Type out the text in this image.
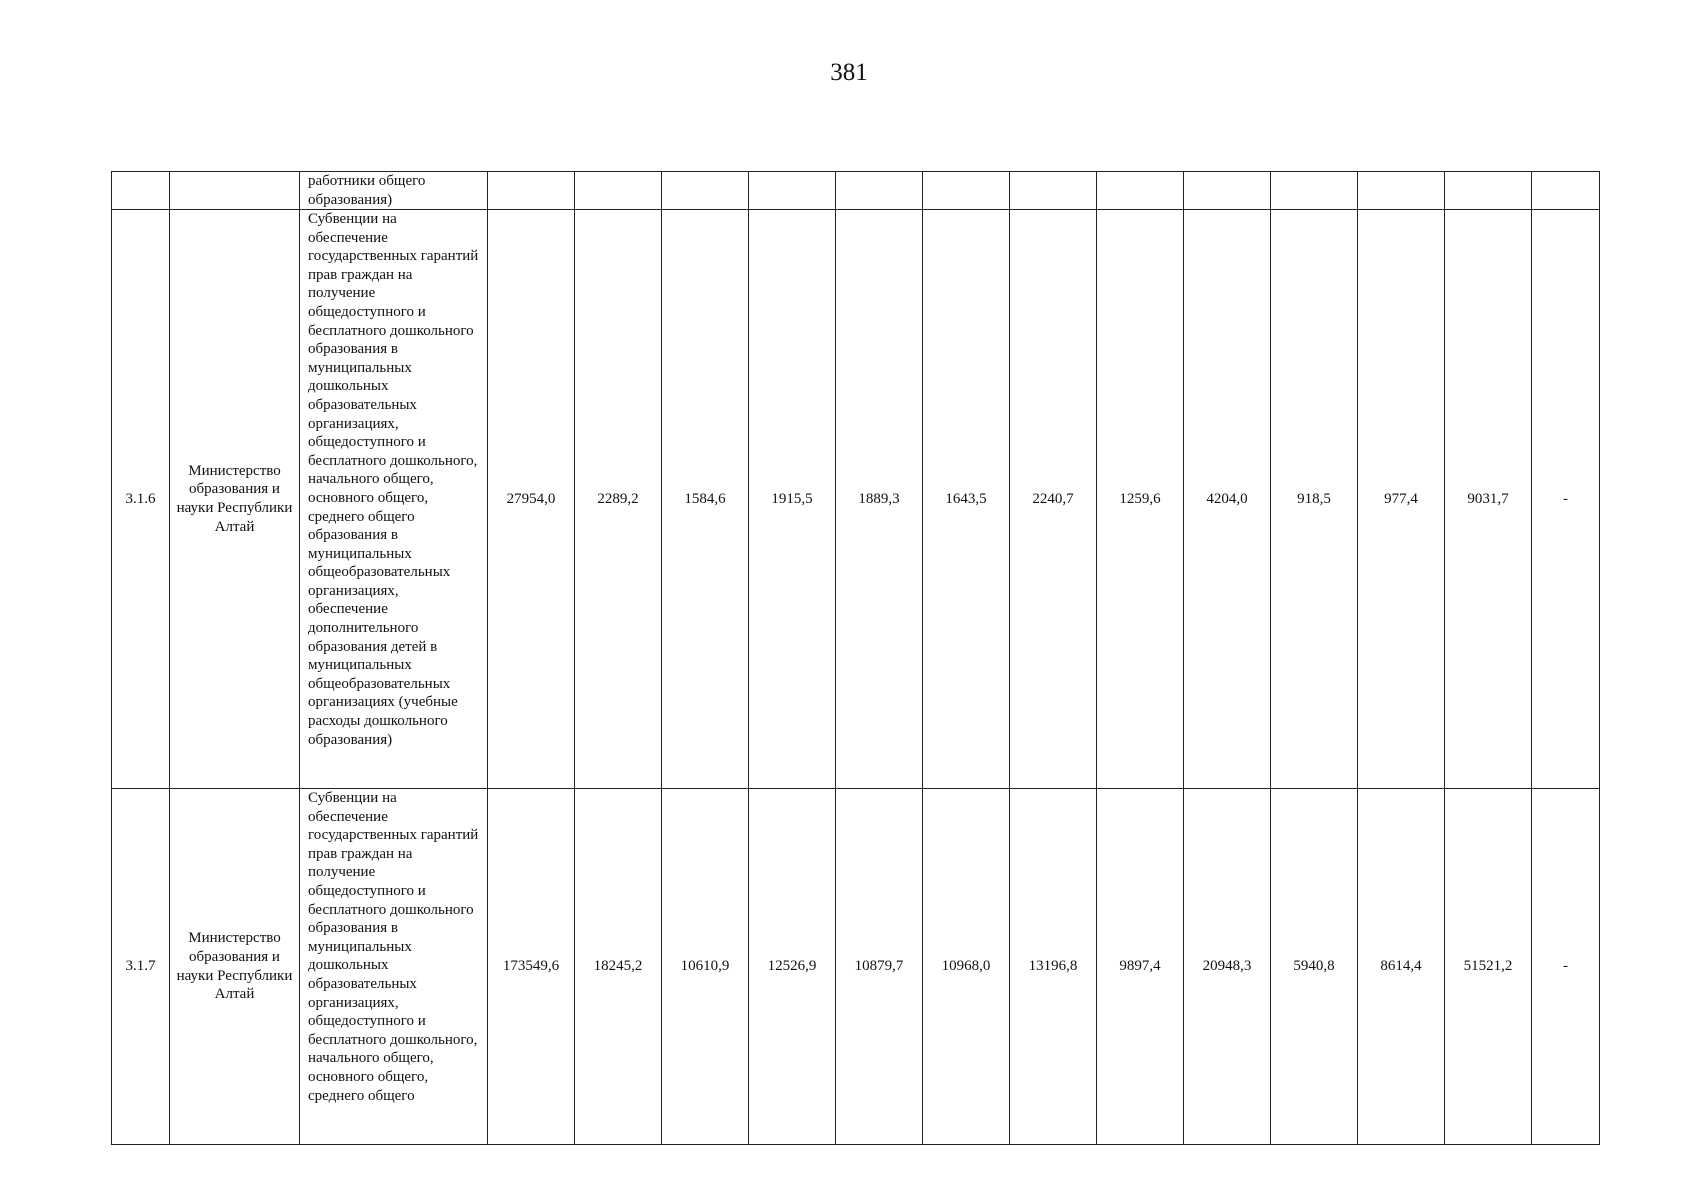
381

		работники общего образования)													

3.1.6	Министерство образования и науки Республики Алтай	Субвенции на обеспечение государственных гарантий прав граждан на получение общедоступного и бесплатного дошкольного образования в муниципальных дошкольных образовательных организациях, общедоступного и бесплатного дошкольного, начального общего, основного общего, среднего общего образования в муниципальных общеобразовательных организациях, обеспечение дополнительного образования детей в муниципальных общеобразовательных организациях (учебные расходы дошкольного образования)	27954,0	2289,2	1584,6	1915,5	1889,3	1643,5	2240,7	1259,6	4204,0	918,5	977,4	9031,7	-
3.1.7	Министерство образования и науки Республики Алтай	Субвенции на обеспечение государственных гарантий прав граждан на получение общедоступного и бесплатного дошкольного образования в муниципальных дошкольных образовательных организациях, общедоступного и бесплатного дошкольного, начального общего, основного общего, среднего общего	173549,6	18245,2	10610,9	12526,9	10879,7	10968,0	13196,8	9897,4	20948,3	5940,8	8614,4	51521,2	-
